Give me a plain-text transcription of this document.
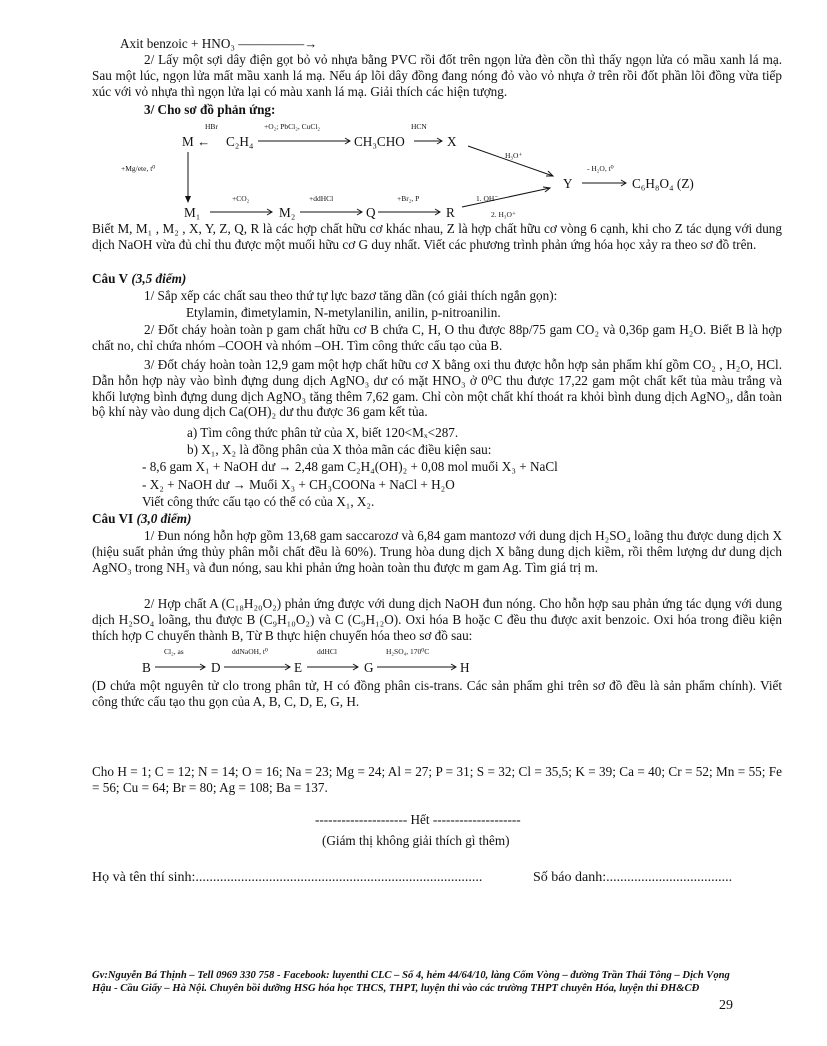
Axit benzoic + HNO₃ ―――――→
2/ Lấy một sợi dây điện gọt bỏ vỏ nhựa bằng PVC rồi đốt trên ngọn lửa đèn cồn thì thấy ngọn lửa có mầu xanh lá mạ. Sau một lúc, ngọn lửa mất mầu xanh lá mạ. Nếu áp lõi dây đồng đang nóng đỏ vào vỏ nhựa ở trên rồi đốt phần lõi đồng vừa tiếp xúc với vỏ nhựa thì ngọn lửa lại có màu xanh lá mạ. Giải thích các hiện tượng.
3/ Cho sơ đồ phản ứng:
HBr	+O₂; PbCl₂, CuCl₂	HCN
M ← C₂H₄	CH₃CHO	X
H₃O⁺
+Mg/ete, t⁰	- H₂O, t⁰
Y	C₆H₈O₄ (Z)
+CO₂	+ddHCl	+Br₂, P	1. OH⁻
M₁	M₂	Q	R	2. H₃O⁺
Biết M, M₁ , M₂ , X, Y, Z, Q, R là các hợp chất hữu cơ khác nhau, Z là hợp chất hữu cơ vòng 6 cạnh, khi cho Z tác dụng với dung dịch NaOH vừa đủ chỉ thu được một muối hữu cơ G duy nhất. Viết các phương trình phản ứng hóa học xảy ra theo sơ đồ trên.
Câu V (3,5 điểm)
1/ Sắp xếp các chất sau theo thứ tự lực bazơ tăng dần (có giải thích ngắn gọn):
Etylamin, đimetylamin, N-metylanilin, anilin, p-nitroanilin.
2/ Đốt cháy hoàn toàn p gam chất hữu cơ B chứa C, H, O thu được 88p/75 gam CO₂ và 0,36p gam H₂O. Biết B là hợp chất no, chỉ chứa nhóm –COOH và nhóm –OH. Tìm công thức cấu tạo của B.
3/ Đốt cháy hoàn toàn 12,9 gam một hợp chất hữu cơ X bằng oxi thu được hỗn hợp sản phẩm khí gồm CO₂ , H₂O, HCl. Dẫn hỗn hợp này vào bình đựng dung dịch AgNO₃ dư có mặt HNO₃ ở 0⁰C thu được 17,22 gam một chất kết tủa màu trắng và khối lượng bình đựng dung dịch AgNO₃ tăng thêm 7,62 gam. Chỉ còn một chất khí thoát ra khỏi bình dung dịch AgNO₃, dẫn toàn bộ khí này vào dung dịch Ca(OH)₂ dư thu được 36 gam kết tủa.
a) Tìm công thức phân tử của X, biết 120<Mₓ<287.
b) X₁, X₂ là đồng phân của X thỏa mãn các điều kiện sau:
- 8,6 gam X₁ + NaOH dư → 2,48 gam C₂H₄(OH)₂ + 0,08 mol muối X₃ + NaCl
- X₂ + NaOH dư → Muối X₃ + CH₃COONa + NaCl + H₂O
Viết công thức cấu tạo có thể có của X₁, X₂.
Câu VI (3,0 điểm)
1/ Đun nóng hỗn hợp gồm 13,68 gam saccarozơ và 6,84 gam mantozơ với dung dịch H₂SO₄ loãng thu được dung dịch X (hiệu suất phản ứng thủy phân mỗi chất đều là 60%). Trung hòa dung dịch X bằng dung dịch kiềm, rồi thêm lượng dư dung dịch AgNO₃ trong NH₃ và đun nóng, sau khi phản ứng hoàn toàn thu được m gam Ag. Tìm giá trị m.
2/ Hợp chất A (C₁₈H₂₀O₂) phản ứng được với dung dịch NaOH đun nóng. Cho hỗn hợp sau phản ứng tác dụng với dung dịch H₂SO₄ loãng, thu được B (C₉H₁₀O₂) và C (C₉H₁₂O). Oxi hóa B hoặc C đều thu được axit benzoic. Oxi hóa trong điều kiện thích hợp C chuyển thành B, Từ B thực hiện chuyển hóa theo sơ đồ sau:
Cl₂, as	ddNaOH, t⁰	ddHCl	H₂SO₄, 170⁰C
B	D	E	G	H
(D chứa một nguyên tử clo trong phân tử, H có đồng phân cis-trans. Các sản phẩm ghi trên sơ đồ đều là sản phẩm chính). Viết công thức cấu tạo thu gọn của A, B, C, D, E, G, H.
Cho H = 1; C = 12; N = 14; O = 16; Na = 23; Mg = 24; Al = 27; P = 31; S = 32; Cl = 35,5; K = 39; Ca = 40; Cr = 52; Mn = 55; Fe = 56; Cu = 64; Br = 80; Ag = 108; Ba = 137.
--------------------- Hết --------------------
(Giám thị không giải thích gì thêm)
Họ và tên thí sinh:..................................................................................	Số báo danh:....................................
Gv:Nguyễn Bá Thịnh – Tell 0969 330 758 - Facebook: luyenthi CLC – Số 4, hẻm 44/64/10, làng Cốm Vòng – đường Trần Thái Tông – Dịch Vọng Hậu - Cầu Giấy – Hà Nội. Chuyên bồi dưỡng HSG hóa học THCS, THPT, luyện thi vào các trường THPT chuyên Hóa, luyện thi ĐH&CĐ
29
